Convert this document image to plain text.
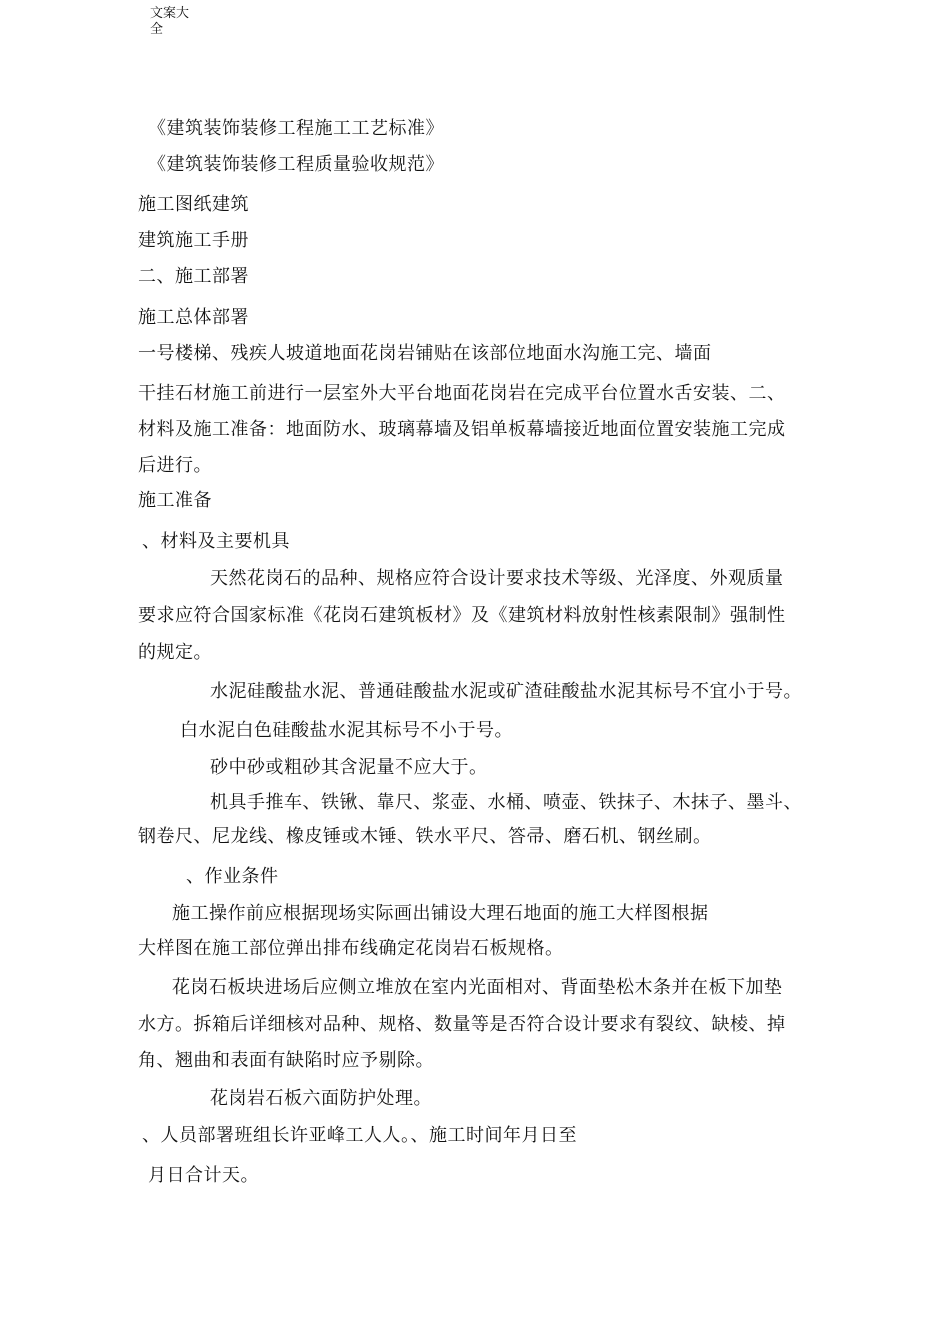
文案大
全
《建筑装饰装修工程施工工艺标准》
《建筑装饰装修工程质量验收规范》
施工图纸建筑
建筑施工手册
二、施工部署
施工总体部署
一号楼梯、残疾人坡道地面花岗岩铺贴在该部位地面水沟施工完、墙面
干挂石材施工前进行一层室外大平台地面花岗岩在完成平台位置水舌安装、二、
材料及施工准备：地面防水、玻璃幕墙及铝单板幕墙接近地面位置安装施工完成
后进行。
施工准备
、材料及主要机具
天然花岗石的品种、规格应符合设计要求技术等级、光泽度、外观质量
要求应符合国家标准《花岗石建筑板材》及《建筑材料放射性核素限制》强制性
的规定。
水泥硅酸盐水泥、普通硅酸盐水泥或矿渣硅酸盐水泥其标号不宜小于号。
白水泥白色硅酸盐水泥其标号不小于号。
砂中砂或粗砂其含泥量不应大于。
机具手推车、铁锹、靠尺、浆壶、水桶、喷壶、铁抹子、木抹子、墨斗、
钢卷尺、尼龙线、橡皮锤或木锤、铁水平尺、答帚、磨石机、钢丝刷。
、作业条件
施工操作前应根据现场实际画出铺设大理石地面的施工大样图根据
大样图在施工部位弹出排布线确定花岗岩石板规格。
花岗石板块进场后应侧立堆放在室内光面相对、背面垫松木条并在板下加垫
水方。拆箱后详细核对品种、规格、数量等是否符合设计要求有裂纹、缺棱、掉
角、翘曲和表面有缺陷时应予剔除。
花岗岩石板六面防护处理。
、人员部署班组长许亚峰工人人。、施工时间年月日至
月日合计天。
